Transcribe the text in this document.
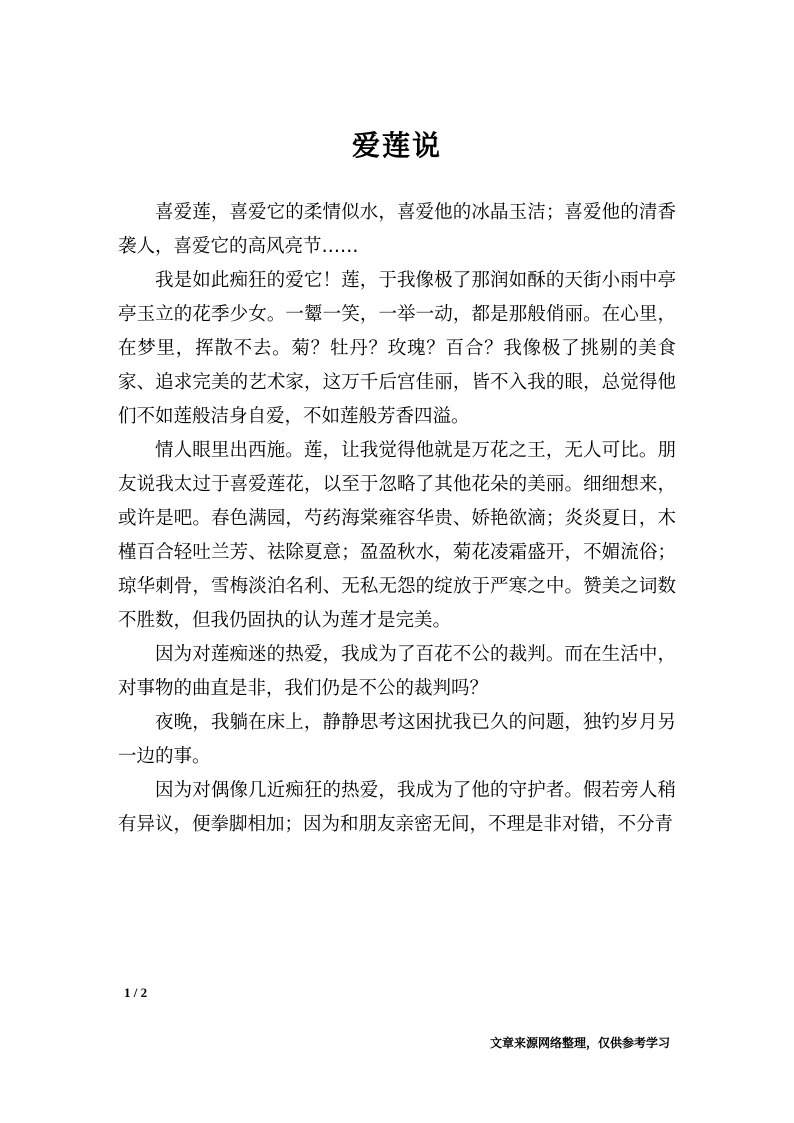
爱莲说

喜爱莲，喜爱它的柔情似水，喜爱他的冰晶玉洁；喜爱他的清香袭人，喜爱它的高风亮节……

我是如此痴狂的爱它！莲，于我像极了那润如酥的天街小雨中亭亭玉立的花季少女。一颦一笑，一举一动，都是那般俏丽。在心里，在梦里，挥散不去。菊？牡丹？玫瑰？百合？我像极了挑剔的美食家、追求完美的艺术家，这万千后宫佳丽，皆不入我的眼，总觉得他们不如莲般洁身自爱，不如莲般芳香四溢。

情人眼里出西施。莲，让我觉得他就是万花之王，无人可比。朋友说我太过于喜爱莲花，以至于忽略了其他花朵的美丽。细细想来，或许是吧。春色满园，芍药海棠雍容华贵、娇艳欲滴；炎炎夏日，木槿百合轻吐兰芳、祛除夏意；盈盈秋水，菊花凌霜盛开，不媚流俗；琼华刺骨，雪梅淡泊名利、无私无怨的绽放于严寒之中。赞美之词数不胜数，但我仍固执的认为莲才是完美。

因为对莲痴迷的热爱，我成为了百花不公的裁判。而在生活中，对事物的曲直是非，我们仍是不公的裁判吗？

夜晚，我躺在床上，静静思考这困扰我已久的问题，独钓岁月另一边的事。

因为对偶像几近痴狂的热爱，我成为了他的守护者。假若旁人稍有异议，便拳脚相加；因为和朋友亲密无间，不理是非对错，不分青

1 / 2
文章来源网络整理，仅供参考学习
